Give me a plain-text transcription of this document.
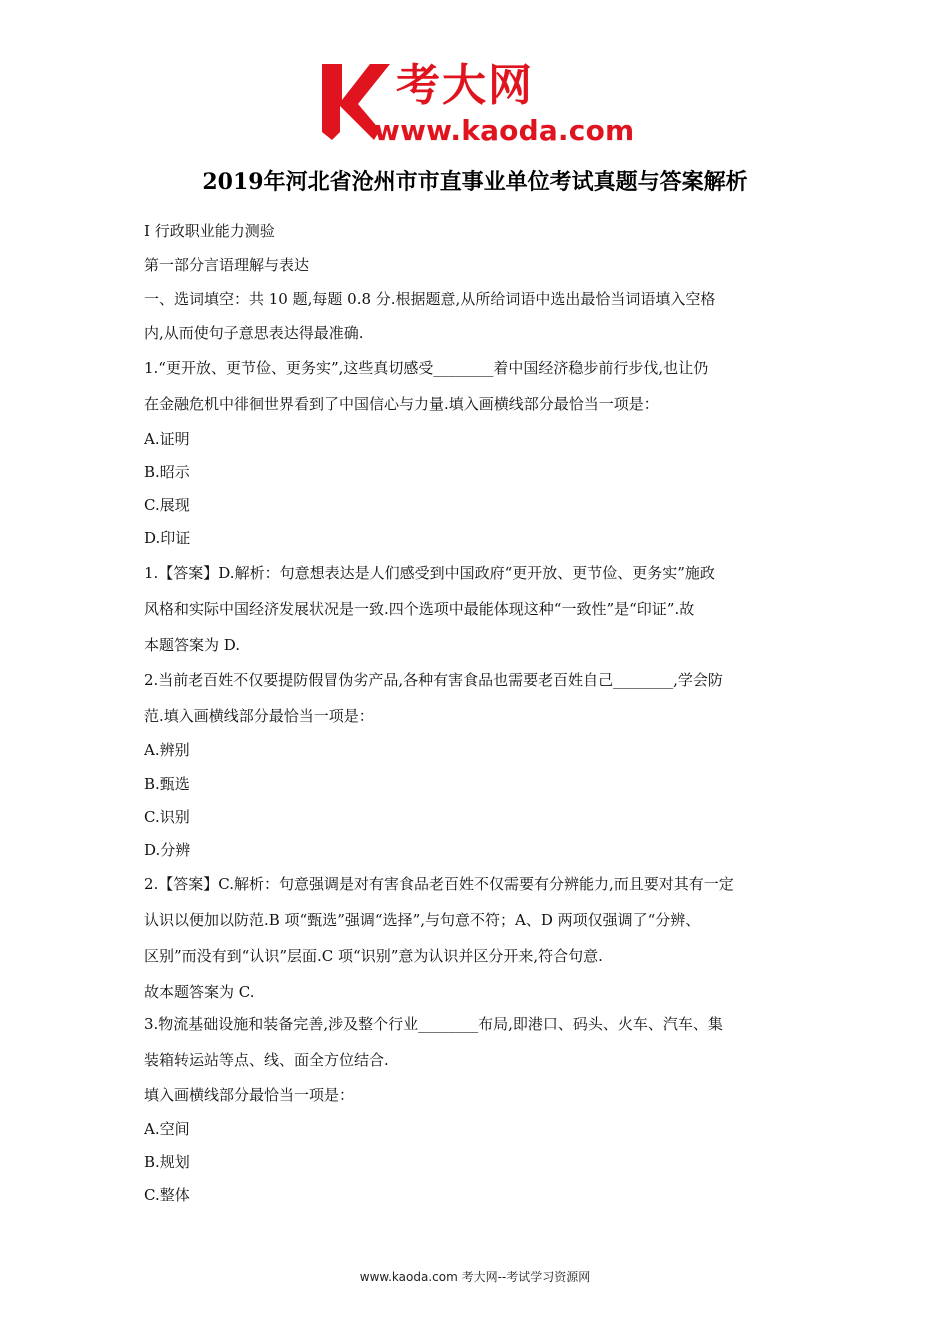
考大网
www.kaoda.com
2019年河北省沧州市市直事业单位考试真题与答案解析
Ⅰ 行政职业能力测验
第一部分言语理解与表达
一、选词填空：共 10 题,每题 0.8 分.根据题意,从所给词语中选出最恰当词语填入空格
内,从而使句子意思表达得最准确.
1.“更开放、更节俭、更务实”,这些真切感受________着中国经济稳步前行步伐,也让仍
在金融危机中徘徊世界看到了中国信心与力量.填入画横线部分最恰当一项是：
A.证明
B.昭示
C.展现
D.印证
1.【答案】D.解析：句意想表达是人们感受到中国政府“更开放、更节俭、更务实”施政
风格和实际中国经济发展状况是一致.四个选项中最能体现这种“一致性”是“印证”.故
本题答案为 D.
2.当前老百姓不仅要提防假冒伪劣产品,各种有害食品也需要老百姓自己________,学会防
范.填入画横线部分最恰当一项是：
A.辨别
B.甄选
C.识别
D.分辨
2.【答案】C.解析：句意强调是对有害食品老百姓不仅需要有分辨能力,而且要对其有一定
认识以便加以防范.B 项“甄选”强调“选择”,与句意不符；A、D 两项仅强调了“分辨、
区别”而没有到“认识”层面.C 项“识别”意为认识并区分开来,符合句意.
故本题答案为 C.
3.物流基础设施和装备完善,涉及整个行业________布局,即港口、码头、火车、汽车、集
装箱转运站等点、线、面全方位结合.
填入画横线部分最恰当一项是：
A.空间
B.规划
C.整体
www.kaoda.com 考大网--考试学习资源网
